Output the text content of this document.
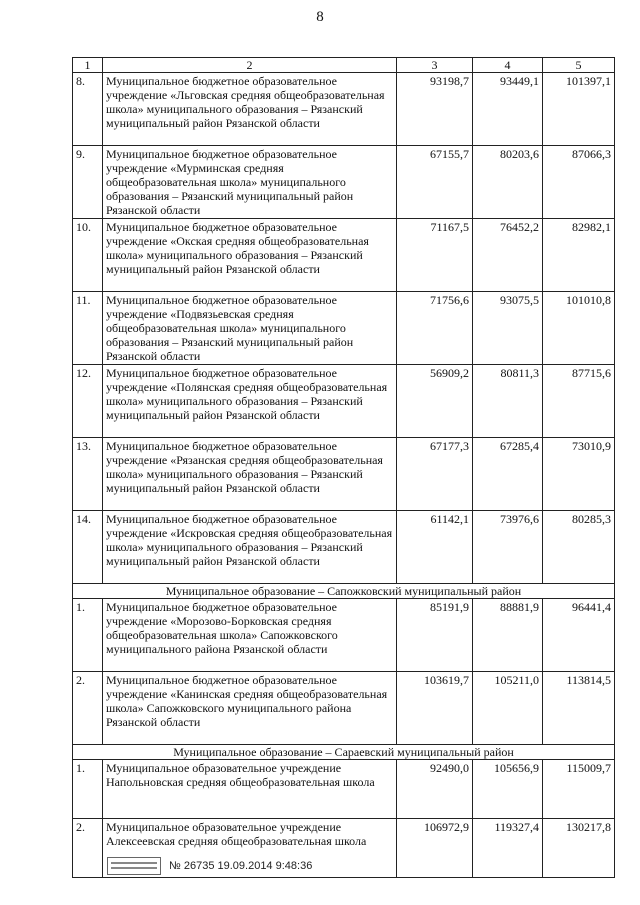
8
1	2	3	4	5
8.	Муниципальное бюджетное образовательное учреждение «Льговская средняя общеобразовательная школа» муниципального образования – Рязанский муниципальный район Рязанской области	93198,7	93449,1	101397,1
9.	Муниципальное бюджетное образовательное учреждение «Мурминская средняя общеобразовательная школа» муниципального образования – Рязанский муниципальный район Рязанской области	67155,7	80203,6	87066,3
10.	Муниципальное бюджетное образовательное учреждение «Окская средняя общеобразовательная школа» муниципального образования – Рязанский муниципальный район Рязанской области	71167,5	76452,2	82982,1
11.	Муниципальное бюджетное образовательное учреждение «Подвязьевская средняя общеобразовательная школа» муниципального образования – Рязанский муниципальный район Рязанской области	71756,6	93075,5	101010,8
12.	Муниципальное бюджетное образовательное учреждение «Полянская средняя общеобразовательная школа» муниципального образования – Рязанский муниципальный район Рязанской области	56909,2	80811,3	87715,6
13.	Муниципальное бюджетное образовательное учреждение «Рязанская средняя общеобразовательная школа» муниципального образования – Рязанский муниципальный район Рязанской области	67177,3	67285,4	73010,9
14.	Муниципальное бюджетное образовательное учреждение «Искровская средняя общеобразовательная школа» муниципального образования – Рязанский муниципальный район Рязанской области	61142,1	73976,6	80285,3
Муниципальное образование – Сапожковский муниципальный район				
1.	Муниципальное бюджетное образовательное учреждение «Морозово-Борковская средняя общеобразовательная школа» Сапожковского муниципального района Рязанской области	85191,9	88881,9	96441,4
2.	Муниципальное бюджетное образовательное учреждение «Канинская средняя общеобразовательная школа» Сапожковского муниципального района Рязанской области	103619,7	105211,0	113814,5
Муниципальное образование – Сараевский муниципальный район				
1.	Муниципальное образовательное учреждение Напольновская средняя общеобразовательная школа	92490,0	105656,9	115009,7
2.	Муниципальное образовательное учреждение Алексеевская средняя общеобразовательная школа	106972,9	119327,4	130217,8
№ 26735 19.09.2014 9:48:36
